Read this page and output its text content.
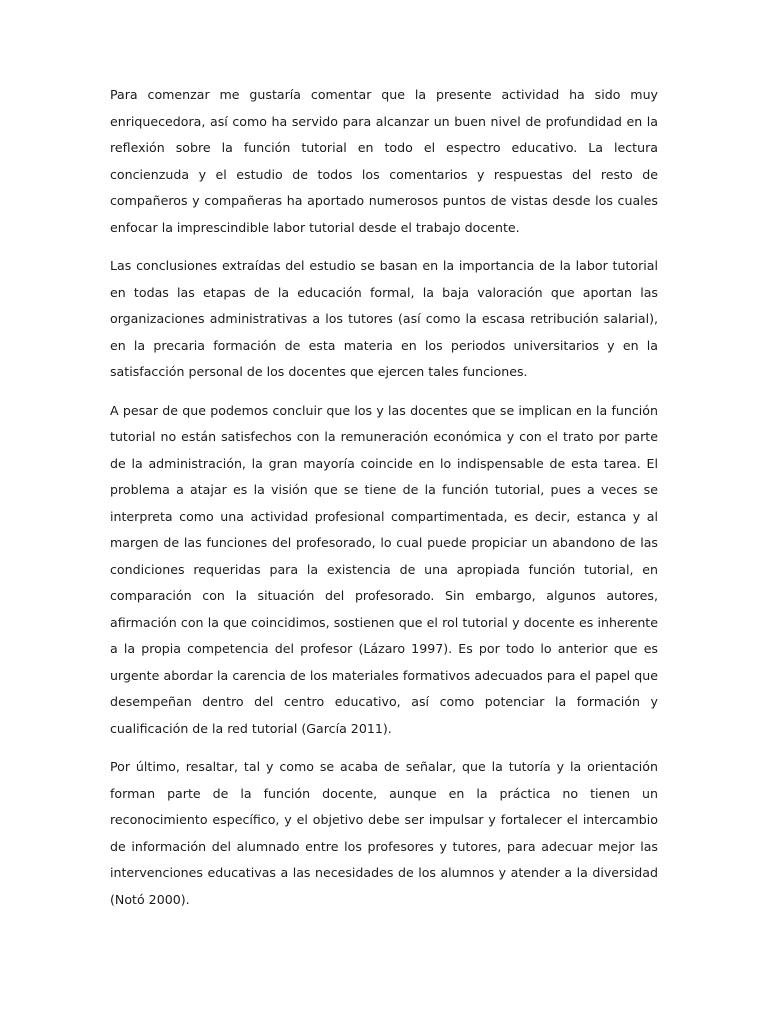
Para comenzar me gustaría comentar que la presente actividad ha sido muy enriquecedora, así como ha servido para alcanzar un buen nivel de profundidad en la reflexión sobre la función tutorial en todo el espectro educativo. La lectura concienzuda y el estudio de todos los comentarios y respuestas del resto de compañeros y compañeras ha aportado numerosos puntos de vistas desde los cuales enfocar la imprescindible labor tutorial desde el trabajo docente.

Las conclusiones extraídas del estudio se basan en la importancia de la labor tutorial en todas las etapas de la educación formal, la baja valoración que aportan las organizaciones administrativas a los tutores (así como la escasa retribución salarial), en la precaria formación de esta materia en los periodos universitarios y en la satisfacción personal de los docentes que ejercen tales funciones.

A pesar de que podemos concluir que los y las docentes que se implican en la función tutorial no están satisfechos con la remuneración económica y con el trato por parte de la administración, la gran mayoría coincide en lo indispensable de esta tarea. El problema a atajar es la visión que se tiene de la función tutorial, pues a veces se interpreta como una actividad profesional compartimentada, es decir, estanca y al margen de las funciones del profesorado, lo cual puede propiciar un abandono de las condiciones requeridas para la existencia de una apropiada función tutorial, en comparación con la situación del profesorado. Sin embargo, algunos autores, afirmación con la que coincidimos, sostienen que el rol tutorial y docente es inherente a la propia competencia del profesor (Lázaro 1997). Es por todo lo anterior que es urgente abordar la carencia de los materiales formativos adecuados para el papel que desempeñan dentro del centro educativo, así como potenciar la formación y cualificación de la red tutorial (García 2011).

Por último, resaltar, tal y como se acaba de señalar, que la tutoría y la orientación forman parte de la función docente, aunque en la práctica no tienen un reconocimiento específico, y el objetivo debe ser impulsar y fortalecer el intercambio de información del alumnado entre los profesores y tutores, para adecuar mejor las intervenciones educativas a las necesidades de los alumnos y atender a la diversidad (Notó 2000).
